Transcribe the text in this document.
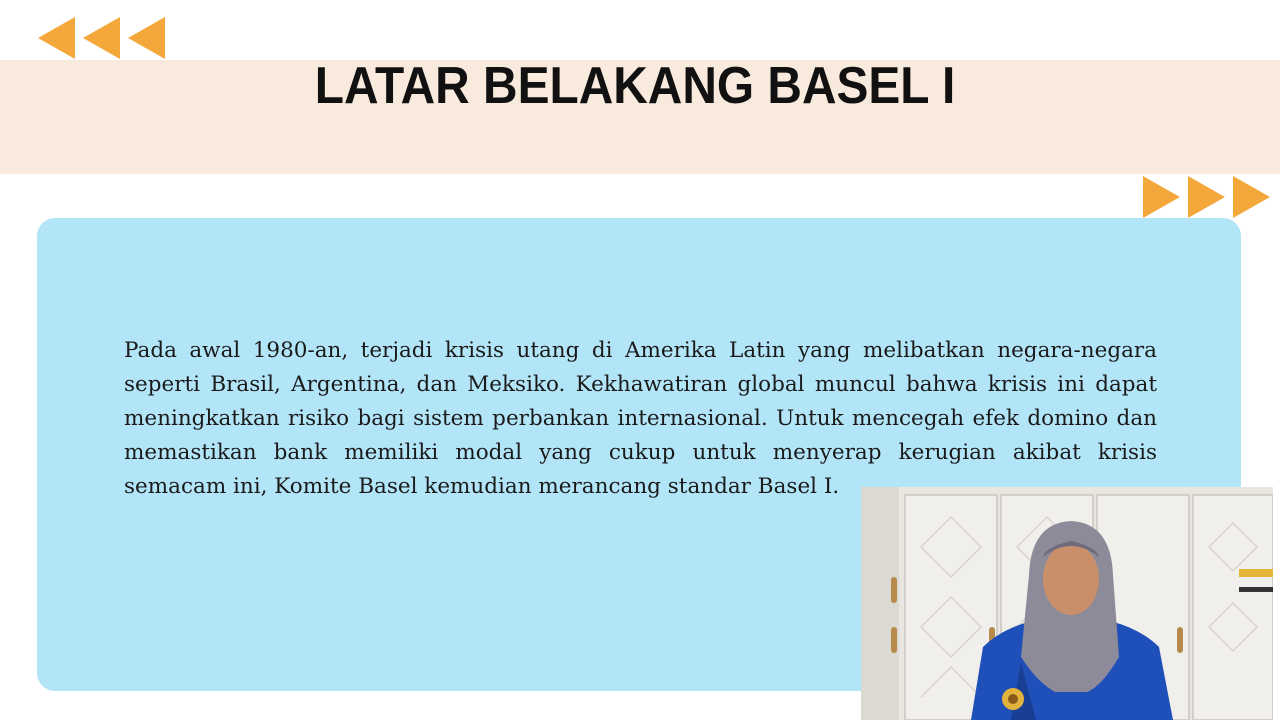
LATAR BELAKANG BASEL I

Pada awal 1980-an, terjadi krisis utang di Amerika Latin yang melibatkan negara-negara seperti Brasil, Argentina, dan Meksiko. Kekhawatiran global muncul bahwa krisis ini dapat meningkatkan risiko bagi sistem perbankan internasional. Untuk mencegah efek domino dan memastikan bank memiliki modal yang cukup untuk menyerap kerugian akibat krisis semacam ini, Komite Basel kemudian merancang standar Basel I.
